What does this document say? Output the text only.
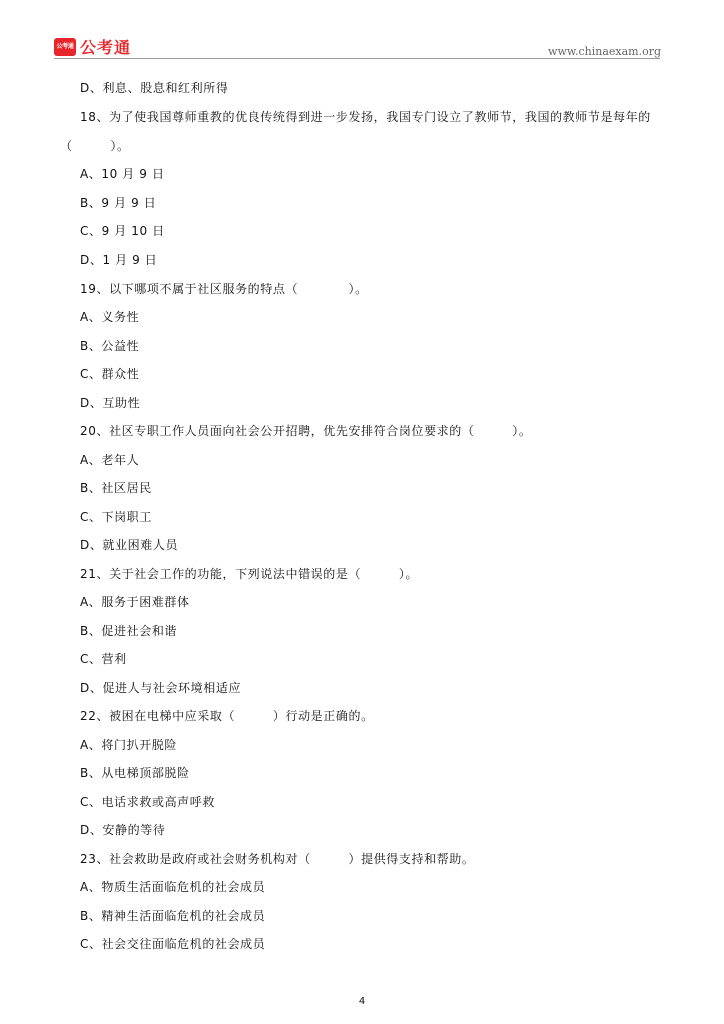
公考通 公考通	www.chinaexam.org
D、利息、股息和红利所得
18、为了使我国尊师重教的优良传统得到进一步发扬，我国专门设立了教师节，我国的教师节是每年的
（　　　）。
A、10 月 9 日
B、9 月 9 日
C、9 月 10 日
D、1 月 9 日
19、以下哪项不属于社区服务的特点（　　　　）。
A、义务性
B、公益性
C、群众性
D、互助性
20、社区专职工作人员面向社会公开招聘，优先安排符合岗位要求的（　　　）。
A、老年人
B、社区居民
C、下岗职工
D、就业困难人员
21、关于社会工作的功能，下列说法中错误的是（　　　）。
A、服务于困难群体
B、促进社会和谐
C、营利
D、促进人与社会环境相适应
22、被困在电梯中应采取（　　　）行动是正确的。
A、将门扒开脱险
B、从电梯顶部脱险
C、电话求救或高声呼救
D、安静的等待
23、社会救助是政府或社会财务机构对（　　　）提供得支持和帮助。
A、物质生活面临危机的社会成员
B、精神生活面临危机的社会成员
C、社会交往面临危机的社会成员
4
